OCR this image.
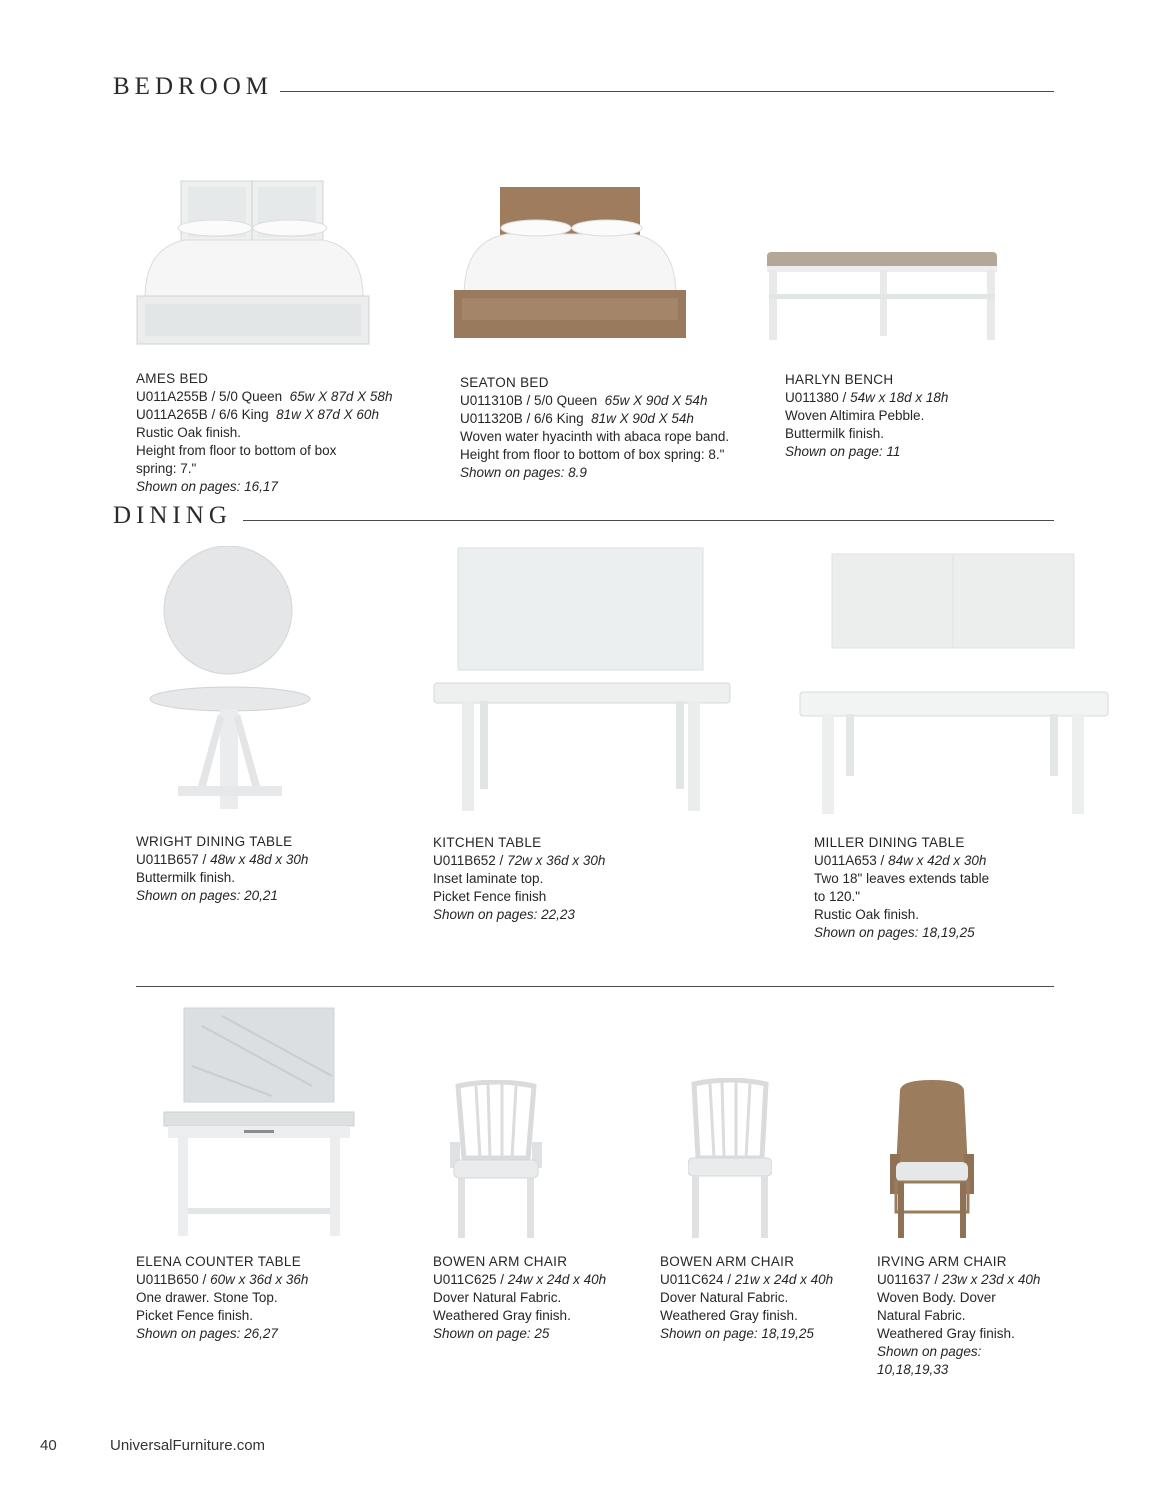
BEDROOM
AMES BED
U011A255B / 5/0 Queen 65w X 87d X 58h
U011A265B / 6/6 King 81w X 87d X 60h
Rustic Oak finish.
Height from floor to bottom of box
spring: 7."
Shown on pages: 16,17
SEATON BED
U011310B / 5/0 Queen 65w X 90d X 54h
U011320B / 6/6 King 81w X 90d X 54h
Woven water hyacinth with abaca rope band.
Height from floor to bottom of box spring: 8."
Shown on pages: 8.9
HARLYN BENCH
U011380 / 54w x 18d x 18h
Woven Altimira Pebble.
Buttermilk finish.
Shown on page: 11
DINING
WRIGHT DINING TABLE
U011B657 / 48w x 48d x 30h
Buttermilk finish.
Shown on pages: 20,21
KITCHEN TABLE
U011B652 / 72w x 36d x 30h
Inset laminate top.
Picket Fence finish
Shown on pages: 22,23
MILLER DINING TABLE
U011A653 / 84w x 42d x 30h
Two 18" leaves extends table
to 120."
Rustic Oak finish.
Shown on pages: 18,19,25
ELENA COUNTER TABLE
U011B650 / 60w x 36d x 36h
One drawer. Stone Top.
Picket Fence finish.
Shown on pages: 26,27
BOWEN ARM CHAIR
U011C625 / 24w x 24d x 40h
Dover Natural Fabric.
Weathered Gray finish.
Shown on page: 25
BOWEN ARM CHAIR
U011C624 / 21w x 24d x 40h
Dover Natural Fabric.
Weathered Gray finish.
Shown on page: 18,19,25
IRVING ARM CHAIR
U011637 / 23w x 23d x 40h
Woven Body. Dover
Natural Fabric.
Weathered Gray finish.
Shown on pages:
10,18,19,33
40	UniversalFurniture.com
